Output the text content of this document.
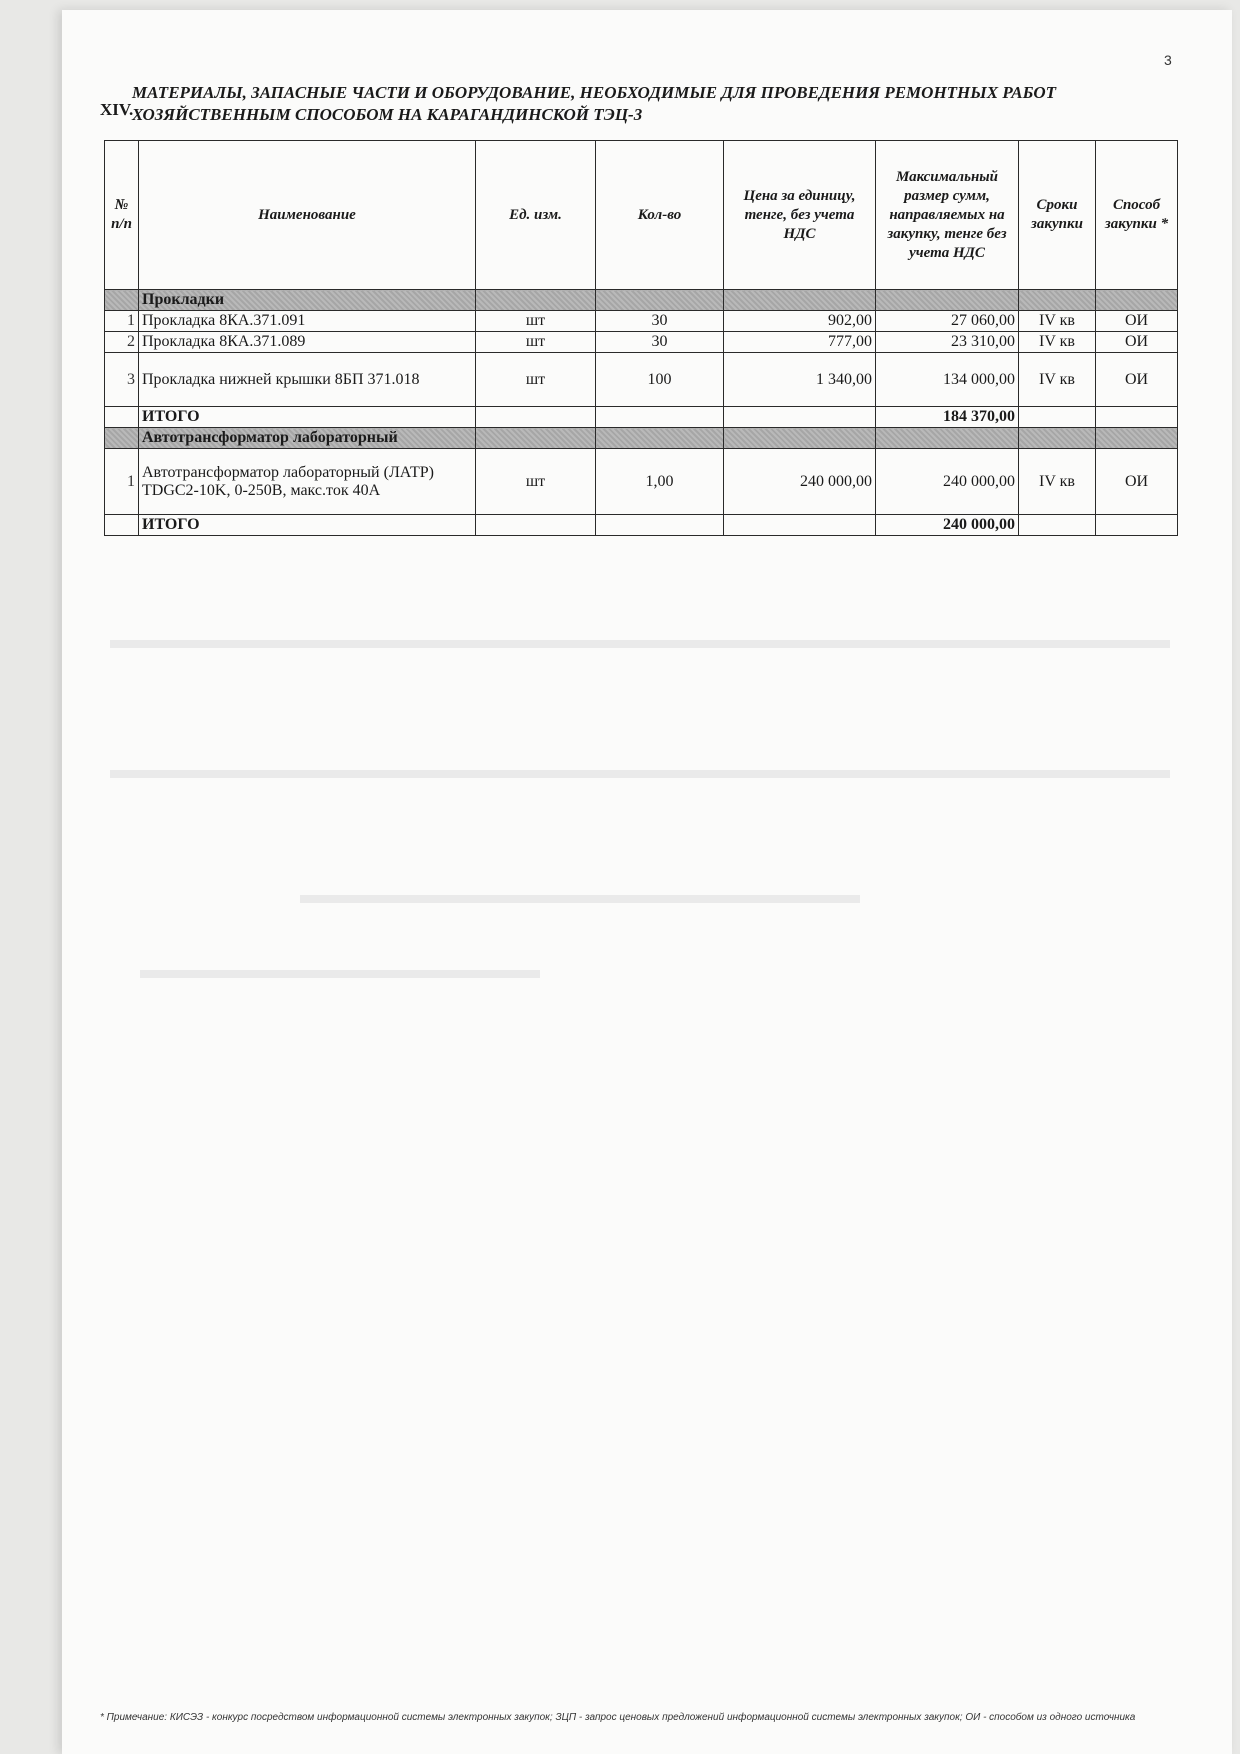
3
XIV.
МАТЕРИАЛЫ, ЗАПАСНЫЕ ЧАСТИ И ОБОРУДОВАНИЕ, НЕОБХОДИМЫЕ ДЛЯ ПРОВЕДЕНИЯ РЕМОНТНЫХ РАБОТ ХОЗЯЙСТВЕННЫМ СПОСОБОМ НА КАРАГАНДИНСКОЙ ТЭЦ-3
№ п/п	Наименование	Ед. изм.	Кол-во	Цена за единицу, тенге, без учета НДС	Максимальный размер сумм, направляемых на закупку, тенге без учета НДС	Сроки закупки	Способ закупки *
	Прокладки						
1	Прокладка 8КА.371.091	шт	30	902,00	27 060,00	IV кв	ОИ
2	Прокладка 8КА.371.089	шт	30	777,00	23 310,00	IV кв	ОИ
3	Прокладка нижней крышки 8БП 371.018	шт	100	1 340,00	134 000,00	IV кв	ОИ
	ИТОГО				184 370,00		
	Автотрансформатор лабораторный						
1	Автотрансформатор лабораторный (ЛАТР) TDGC2-10K, 0-250В, макс.ток 40А	шт	1,00	240 000,00	240 000,00	IV кв	ОИ
	ИТОГО				240 000,00		
* Примечание: КИСЭЗ - конкурс посредством информационной системы электронных закупок; ЗЦП - запрос ценовых предложений информационной системы электронных закупок; ОИ - способом из одного источника
